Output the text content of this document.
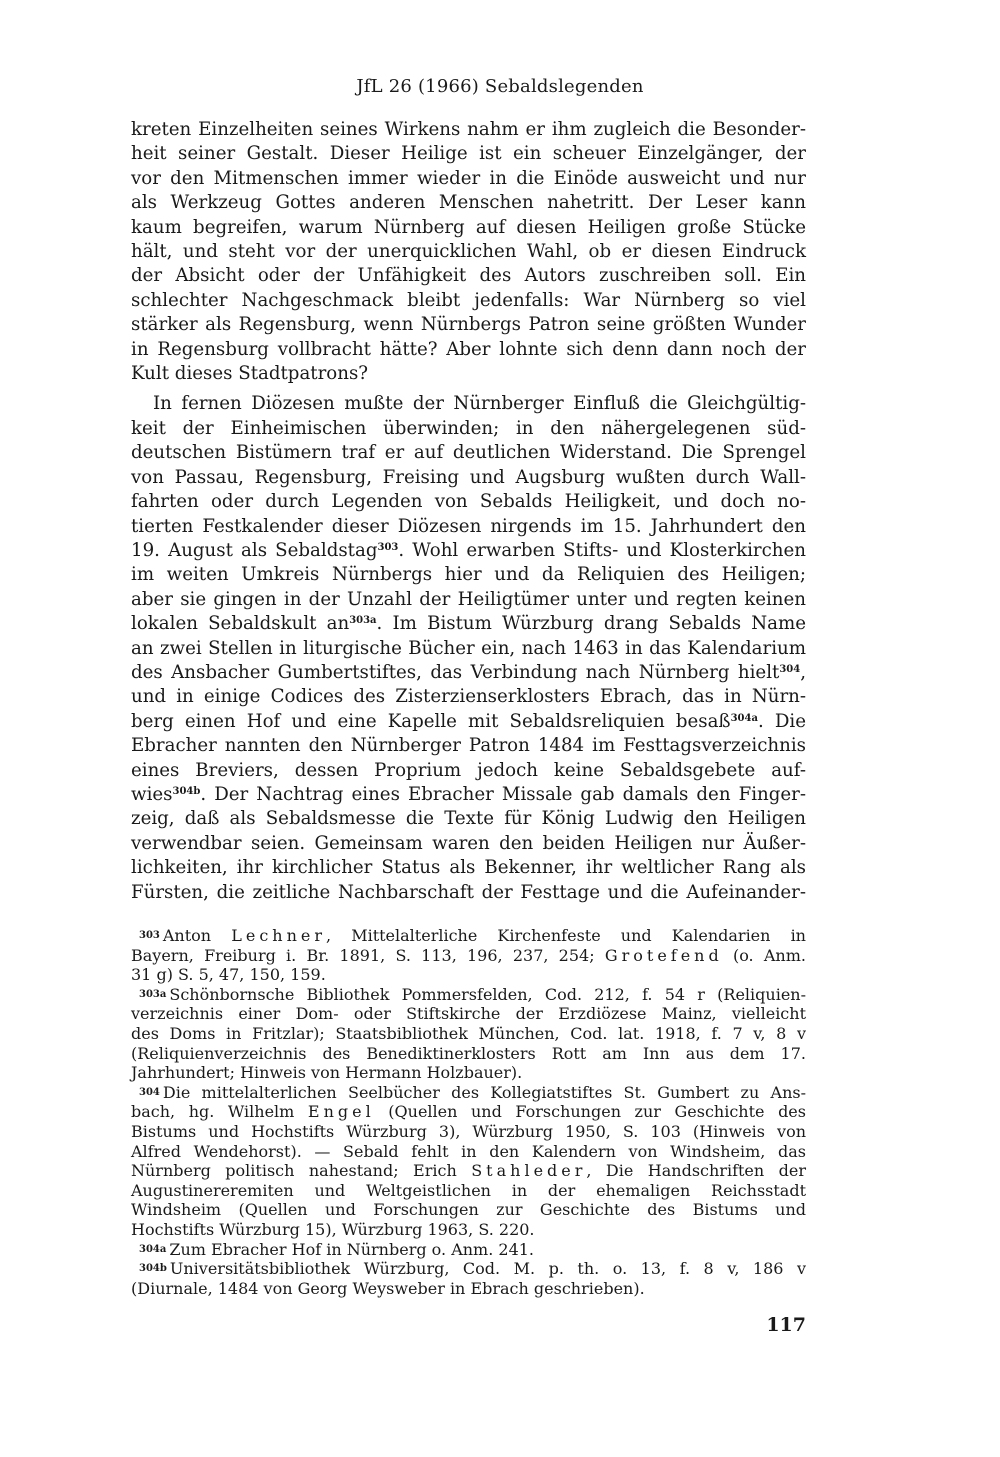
JfL 26 (1966) Sebaldslegenden
kreten Einzelheiten seines Wirkens nahm er ihm zugleich die Besonder-
heit seiner Gestalt. Dieser Heilige ist ein scheuer Einzelgänger, der
vor den Mitmenschen immer wieder in die Einöde ausweicht und nur
als Werkzeug Gottes anderen Menschen nahetritt. Der Leser kann
kaum begreifen, warum Nürnberg auf diesen Heiligen große Stücke
hält, und steht vor der unerquicklichen Wahl, ob er diesen Eindruck
der Absicht oder der Unfähigkeit des Autors zuschreiben soll. Ein
schlechter Nachgeschmack bleibt jedenfalls: War Nürnberg so viel
stärker als Regensburg, wenn Nürnbergs Patron seine größten Wunder
in Regensburg vollbracht hätte? Aber lohnte sich denn dann noch der
Kult dieses Stadtpatrons?
In fernen Diözesen mußte der Nürnberger Einfluß die Gleichgültig-
keit der Einheimischen überwinden; in den nähergelegenen süd-
deutschen Bistümern traf er auf deutlichen Widerstand. Die Sprengel
von Passau, Regensburg, Freising und Augsburg wußten durch Wall-
fahrten oder durch Legenden von Sebalds Heiligkeit, und doch no-
tierten Festkalender dieser Diözesen nirgends im 15. Jahrhundert den
19. August als Sebaldstag$^{303}$. Wohl erwarben Stifts- und Klosterkirchen
im weiten Umkreis Nürnbergs hier und da Reliquien des Heiligen;
aber sie gingen in der Unzahl der Heiligtümer unter und regten keinen
lokalen Sebaldskult $an^{303a}$. Im Bistum Würzburg drang Sebalds Name
an zwei Stellen in liturgische Bücher ein, nach 1463 in das Kalendarium
des Ansbacher Gumbertstiftes, das Verbindung nach Nürnberg hielt$^{304}$,
und in einige Codices des Zisterzienserklosters Ebrach, das in Nürn-
berg einen Hof und eine Kapelle mit Sebaldsreliquien besaß$^{304a}$. Die
Ebracher nannten den Nürnberger Patron 1484 im Festtagsverzeichnis
eines Breviers, dessen Proprium jedoch keine Sebaldsgebete auf-
wies$^{304b}$. Der Nachtrag eines Ebracher Missale gab damals den Finger-
zeig, daß als Sebaldsmesse die Texte für König Ludwig den Heiligen
verwendbar seien. Gemeinsam waren den beiden Heiligen nur Äußer-
lichkeiten, ihr kirchlicher Status als Bekenner, ihr weltlicher Rang als
Fürsten, die zeitliche Nachbarschaft der Festtage und die Aufeinander-
303 Anton Lechner, Mittelalterliche Kirchenfeste und Kalendarien in
Bayern, Freiburg i. Br. 1891, S. 113, 196, 237, 254; Grotefend (o. Anm.
31 g) S. 5, 47, 150, 159.
303a Schönbornsche Bibliothek Pommersfelden, Cod. 212, f. 54 r (Reliquien-
verzeichnis einer Dom- oder Stiftskirche der Erzdiözese Mainz, vielleicht
des Doms in Fritzlar); Staatsbibliothek München, Cod. lat. 1918, f. 7 v, 8 v
(Reliquienverzeichnis des Benediktinerklosters Rott am Inn aus dem 17.
Jahrhundert; Hinweis von Hermann Holzbauer).
304 Die mittelalterlichen Seelbücher des Kollegiatstiftes St. Gumbert zu Ans-
bach, hg. Wilhelm Engel (Quellen und Forschungen zur Geschichte des
Bistums und Hochstifts Würzburg 3), Würzburg 1950, S. 103 (Hinweis von
Alfred Wendehorst). — Sebald fehlt in den Kalendern von Windsheim, das
Nürnberg politisch nahestand; Erich Stahleder, Die Handschriften der
Augustinereremiten und Weltgeistlichen in der ehemaligen Reichsstadt
Windsheim (Quellen und Forschungen zur Geschichte des Bistums und
Hochstifts Würzburg 15), Würzburg 1963, S. 220.
304a Zum Ebracher Hof in Nürnberg o. Anm. 241.
304b Universitätsbibliothek Würzburg, Cod. M. p. th. o. 13, f. 8 v, 186 v
(Diurnale, 1484 von Georg Weysweber in Ebrach geschrieben).
117
